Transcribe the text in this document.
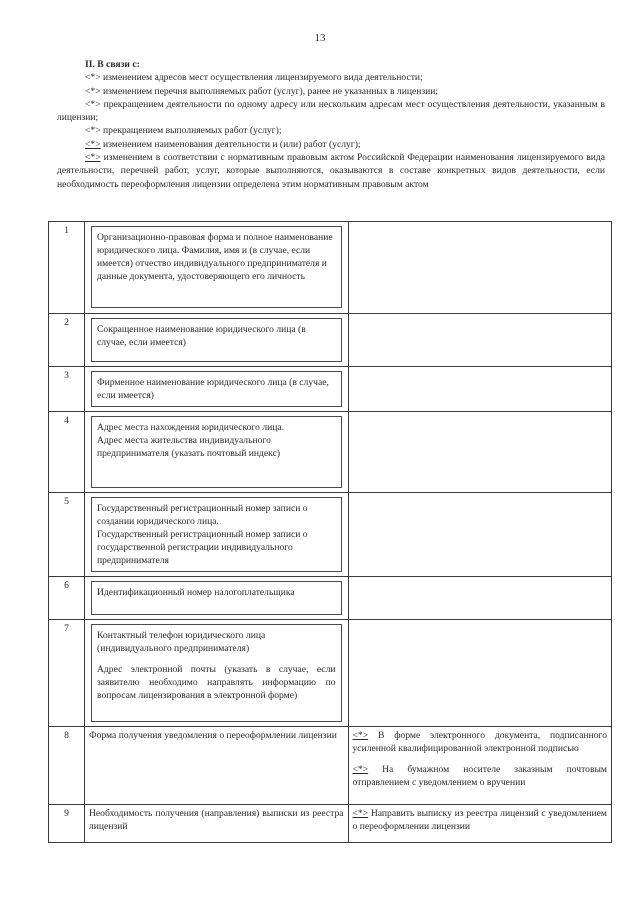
13
II. В связи с:
<*> изменением адресов мест осуществления лицензируемого вида деятельности;
<*> изменением перечня выполняемых работ (услуг), ранее не указанных в лицензии;
<*> прекращением деятельности по одному адресу или нескольким адресам мест осуществления деятельности, указанным в лицензии;
<*> прекращением выполняемых работ (услуг);
<*> изменением наименования деятельности и (или) работ (услуг);
<*> изменением в соответствии с нормативным правовым актом Российской Федерации наименования лицензируемого вида деятельности, перечней работ, услуг, которые выполняются, оказываются в составе конкретных видов деятельности, если необходимость переоформления лицензии определена этим нормативным правовым актом
1	Организационно-правовая форма и полное наименование юридического лица. Фамилия, имя и (в случае, если имеется) отчество индивидуального предпринимателя и данные документа, удостоверяющего его личность	

2	Сокращенное наименование юридического лица (в случае, если имеется)	

3	Фирменное наименование юридического лица (в случае, если имеется)	

4	Адрес места нахождения юридического лица.
Адрес места жительства индивидуального предпринимателя (указать почтовый индекс)	

5	Государственный регистрационный номер записи о создании юридического лица.
Государственный регистрационный номер записи о государственной регистрации индивидуального предпринимателя	

6	Идентификационный номер налогоплательщика	

7	Контактный телефон юридического лица (индивидуального предпринимателя)
Адрес электронной почты (указать в случае, если заявителю необходимо направлять информацию по вопросам лицензирования в электронной форме)	

8	Форма получения уведомления о переоформлении лицензии	<*> В форме электронного документа, подписанного усиленной квалифицированной электронной подписью
<*> На бумажном носителе заказным почтовым отправлением с уведомлением о вручении

9	Необходимость получения (направления) выписки из реестра лицензий	<*> Направить выписку из реестра лицензий с уведомлением о переоформлении лицензии
